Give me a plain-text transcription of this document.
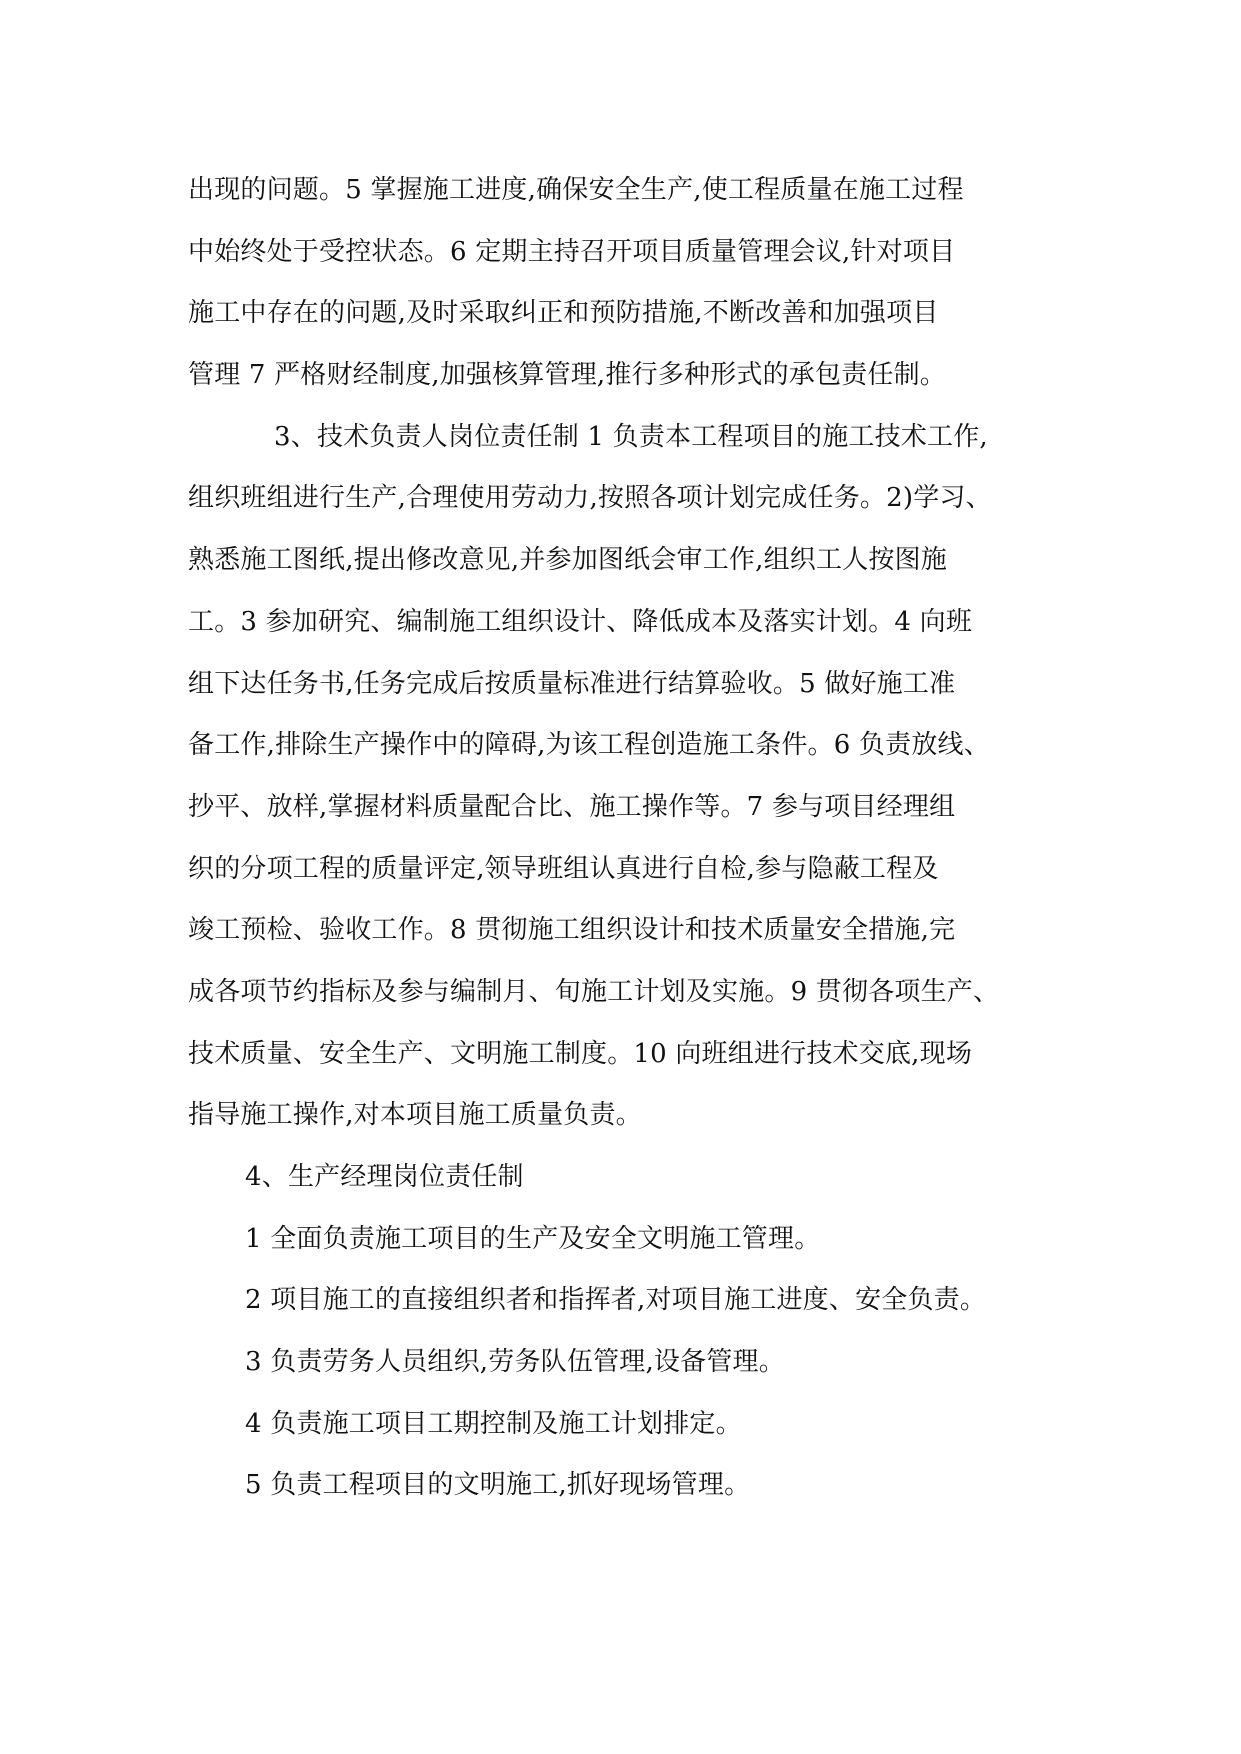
出现的问题。5 掌握施工进度,确保安全生产,使工程质量在施工过程
中始终处于受控状态。6 定期主持召开项目质量管理会议,针对项目
施工中存在的问题,及时采取纠正和预防措施,不断改善和加强项目
管理 7 严格财经制度,加强核算管理,推行多种形式的承包责任制。
3、技术负责人岗位责任制 1 负责本工程项目的施工技术工作,
组织班组进行生产,合理使用劳动力,按照各项计划完成任务。2)学习、
熟悉施工图纸,提出修改意见,并参加图纸会审工作,组织工人按图施
工。3 参加研究、编制施工组织设计、降低成本及落实计划。4 向班
组下达任务书,任务完成后按质量标准进行结算验收。5 做好施工准
备工作,排除生产操作中的障碍,为该工程创造施工条件。6 负责放线、
抄平、放样,掌握材料质量配合比、施工操作等。7 参与项目经理组
织的分项工程的质量评定,领导班组认真进行自检,参与隐蔽工程及
竣工预检、验收工作。8 贯彻施工组织设计和技术质量安全措施,完
成各项节约指标及参与编制月、旬施工计划及实施。9 贯彻各项生产、
技术质量、安全生产、文明施工制度。10 向班组进行技术交底,现场
指导施工操作,对本项目施工质量负责。
4、生产经理岗位责任制
1 全面负责施工项目的生产及安全文明施工管理。
2 项目施工的直接组织者和指挥者,对项目施工进度、安全负责。
3 负责劳务人员组织,劳务队伍管理,设备管理。
4 负责施工项目工期控制及施工计划排定。
5 负责工程项目的文明施工,抓好现场管理。
